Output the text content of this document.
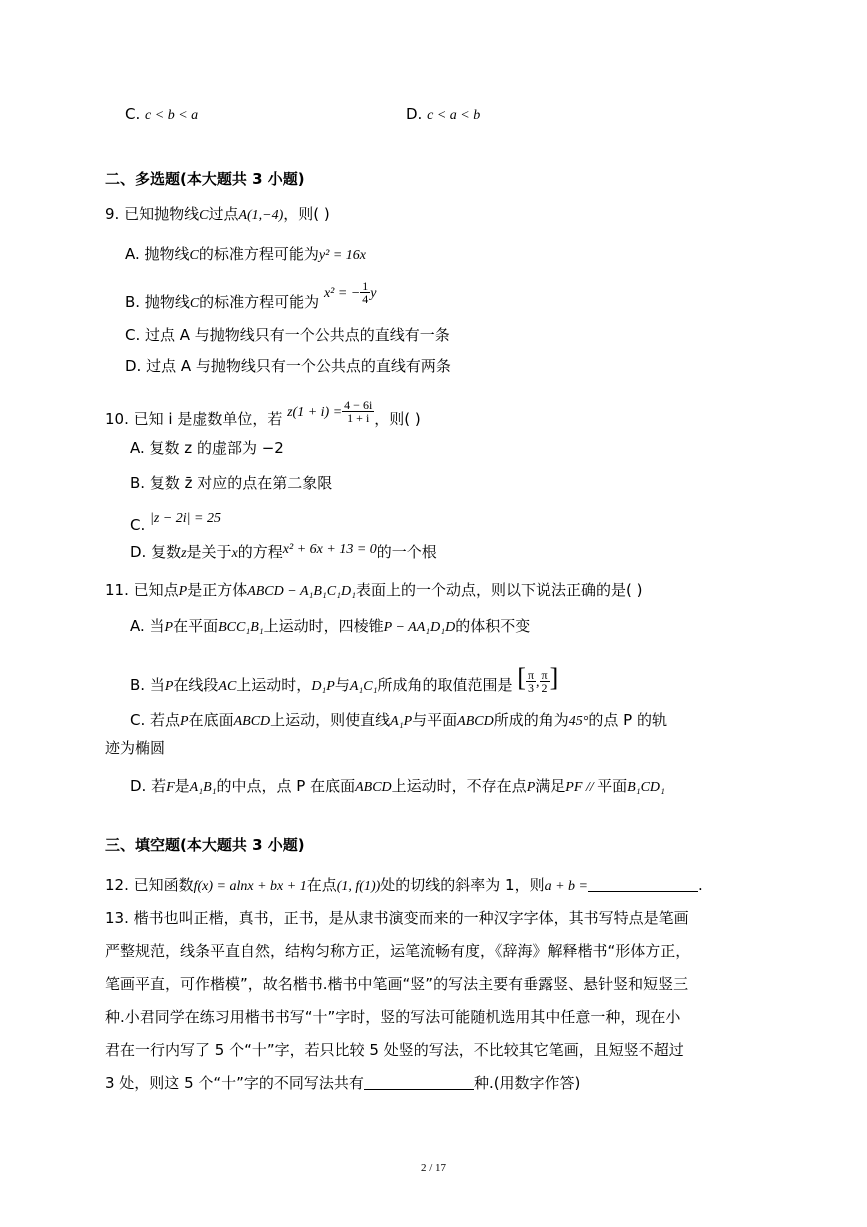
C. c < b < a	D. c < a < b
二、多选题(本大题共 3 小题)
9. 已知抛物线C过点A(1,−4)，则( )
A. 抛物线C的标准方程可能为y² = 16x
B. 抛物线C的标准方程可能为 x² = − $\frac{1}{4}$ y
C. 过点 A 与抛物线只有一个公共点的直线有一条
D. 过点 A 与抛物线只有一个公共点的直线有两条
10. 已知 i 是虚数单位，若 $z(1 + i) = \frac{4 - 6i}{1 + i}$ ，则( )
A. 复数 z 的虚部为 −2
B. 复数 z̄ 对应的点在第二象限
C. |z − 2i| = 25
D. 复数z是关于x的方程x² + 6x + 13 = 0的一个根
11. 已知点P是正方体ABCD − A₁B₁C₁D₁表面上的一个动点，则以下说法正确的是( )
A. 当P在平面BCC₁B₁上运动时，四棱锥P − AA₁D₁D的体积不变
B. 当P在线段AC上运动时，D₁P与A₁C₁所成角的取值范围是 [ $\frac{\pi}{3}$ , $\frac{\pi}{2}$ ]
C. 若点P在底面ABCD上运动，则使直线A₁P与平面ABCD所成的角为45°的点 P 的轨
迹为椭圆
D. 若F是A₁B₁的中点，点 P 在底面ABCD上运动时，不存在点P满足PF // 平面B₁CD₁
三、填空题(本大题共 3 小题)
12. 已知函数f(x) = alnx + bx + 1在点(1, f(1))处的切线的斜率为 1，则a + b =	.
13. 楷书也叫正楷，真书，正书，是从隶书演变而来的一种汉字字体，其书写特点是笔画
严整规范，线条平直自然，结构匀称方正，运笔流畅有度，《辞海》解释楷书“形体方正，
笔画平直，可作楷模”，故名楷书.楷书中笔画“竖”的写法主要有垂露竖、悬针竖和短竖三
种.小君同学在练习用楷书书写“十”字时，竖的写法可能随机选用其中任意一种，现在小
君在一行内写了 5 个“十”字，若只比较 5 处竖的写法，不比较其它笔画，且短竖不超过
3 处，则这 5 个“十”字的不同写法共有	种.(用数字作答)
2 / 17
